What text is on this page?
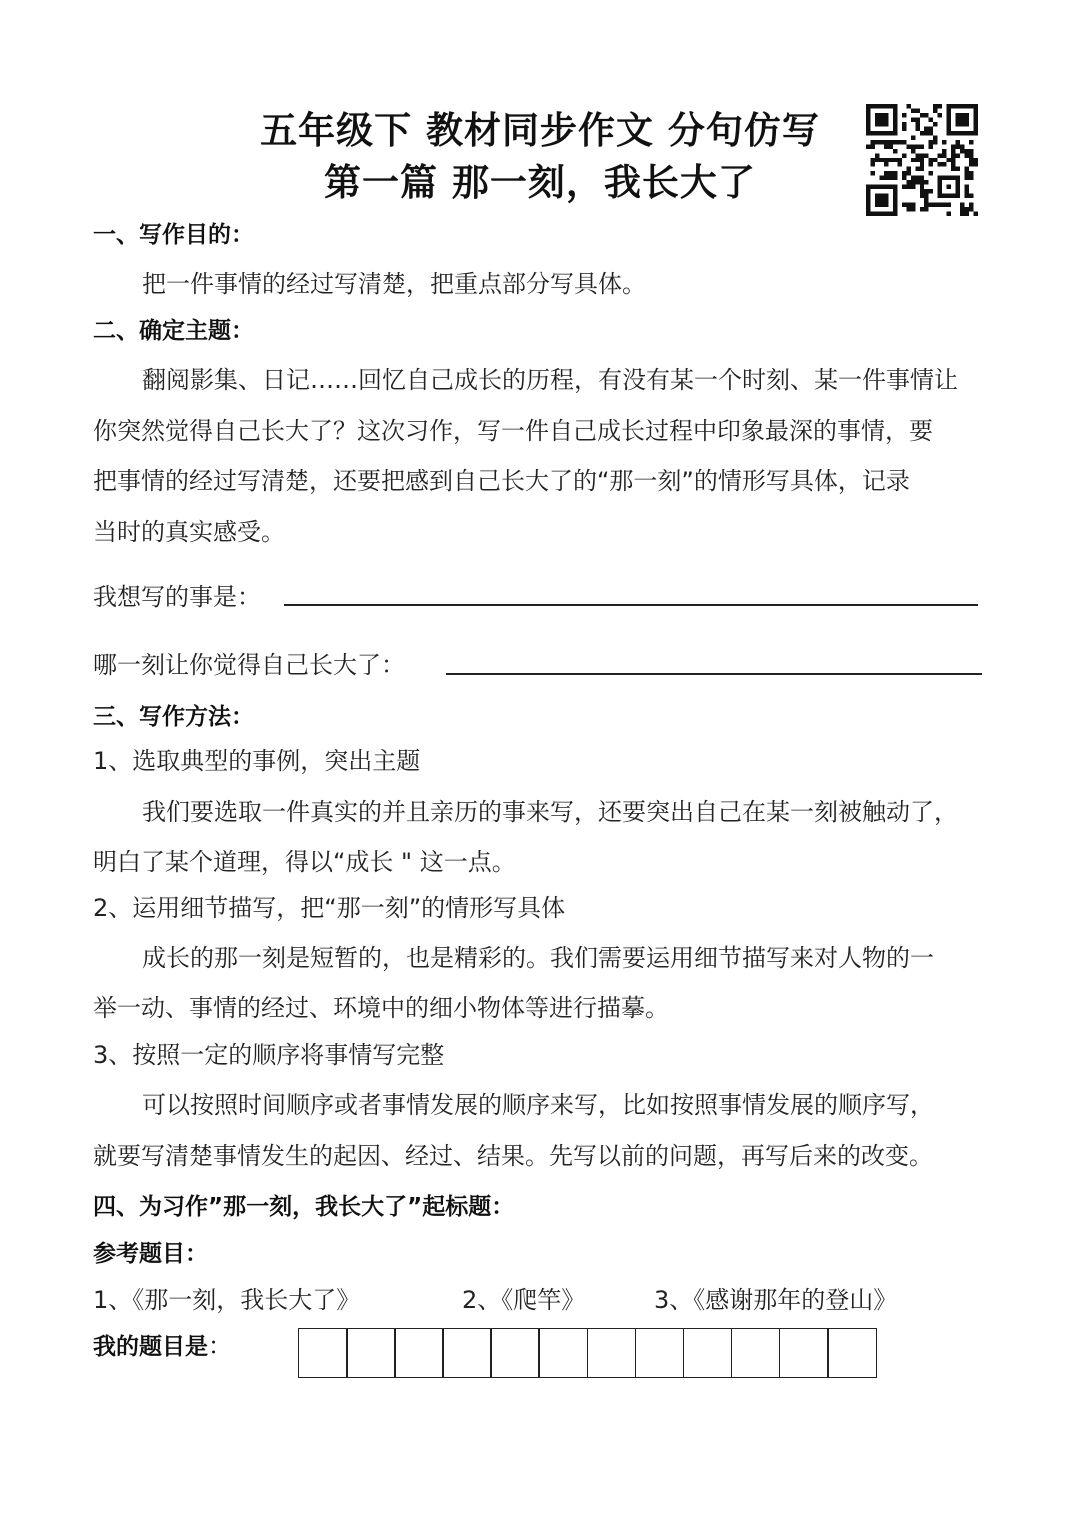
五年级下 教材同步作文 分句仿写
第一篇 那一刻，我长大了
一、写作目的：
把一件事情的经过写清楚，把重点部分写具体。
二、确定主题：
翻阅影集、日记……回忆自己成长的历程，有没有某一个时刻、某一件事情让
你突然觉得自己长大了？这次习作，写一件自己成长过程中印象最深的事情，要
把事情的经过写清楚，还要把感到自己长大了的“那一刻”的情形写具体，记录
当时的真实感受。
我想写的事是：
哪一刻让你觉得自己长大了：
三、写作方法：
1、选取典型的事例，突出主题
我们要选取一件真实的并且亲历的事来写，还要突出自己在某一刻被触动了，
明白了某个道理，得以“成长 " 这一点。
2、运用细节描写，把“那一刻”的情形写具体
成长的那一刻是短暂的，也是精彩的。我们需要运用细节描写来对人物的一
举一动、事情的经过、环境中的细小物体等进行描摹。
3、按照一定的顺序将事情写完整
可以按照时间顺序或者事情发展的顺序来写，比如按照事情发展的顺序写，
就要写清楚事情发生的起因、经过、结果。先写以前的问题，再写后来的改变。
四、为习作”那一刻，我长大了”起标题：
参考题目：
1、《那一刻，我长大了》	2、《爬竿》	3、《感谢那年的登山》
我的题目是：
